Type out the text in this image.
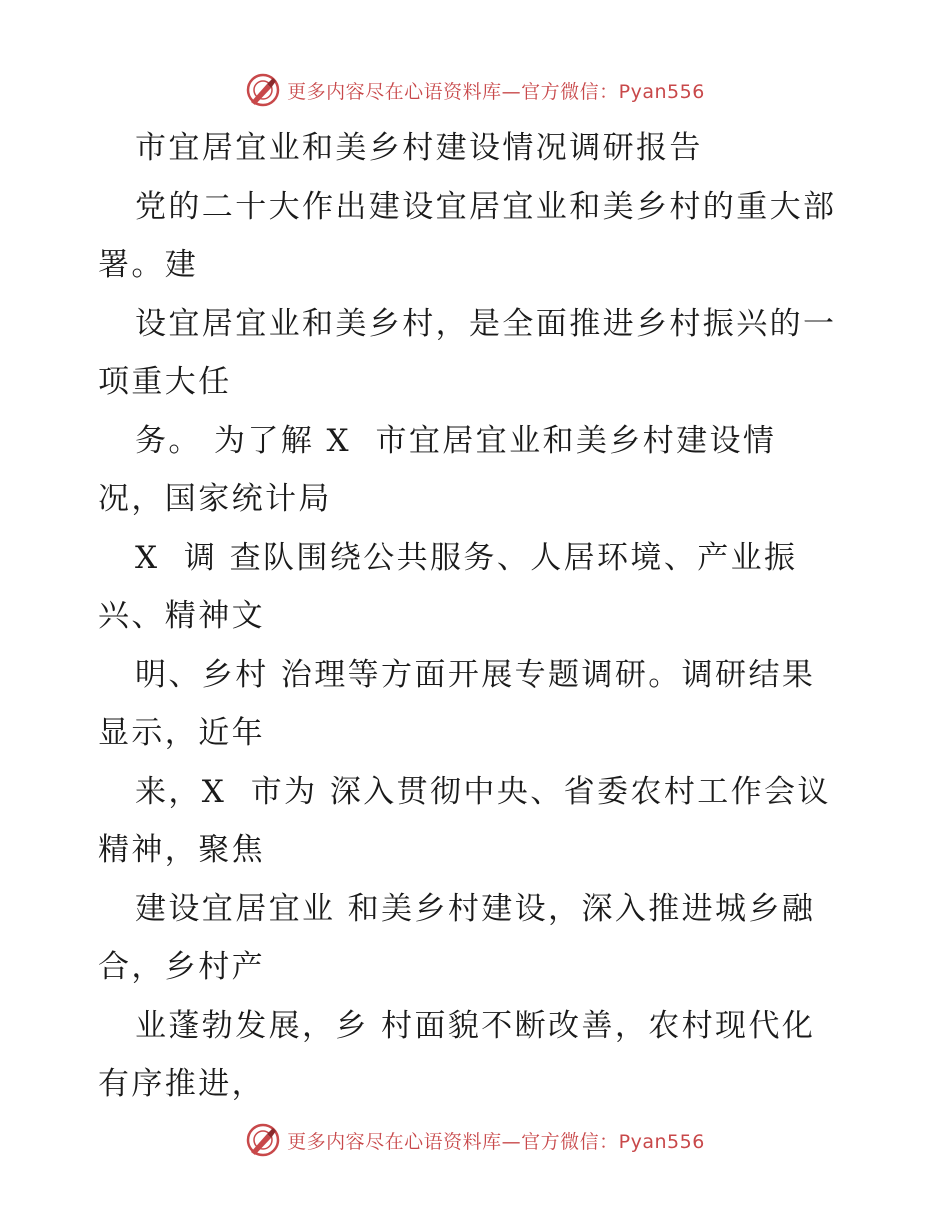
更多内容尽在心语资料库—官方微信：Pyan556
市宜居宜业和美乡村建设情况调研报告
党的二十大作出建设宜居宜业和美乡村的重大部
署。建
设宜居宜业和美乡村，是全面推进乡村振兴的一
项重大任
务。 为了解 X  市宜居宜业和美乡村建设情
况，国家统计局
X  调 查队围绕公共服务、人居环境、产业振
兴、精神文
明、乡村 治理等方面开展专题调研。调研结果
显示，近年
来，X  市为 深入贯彻中央、省委农村工作会议
精神，聚焦
建设宜居宜业 和美乡村建设，深入推进城乡融
合，乡村产
业蓬勃发展，乡 村面貌不断改善，农村现代化
有序推进，
更多内容尽在心语资料库—官方微信：Pyan556
